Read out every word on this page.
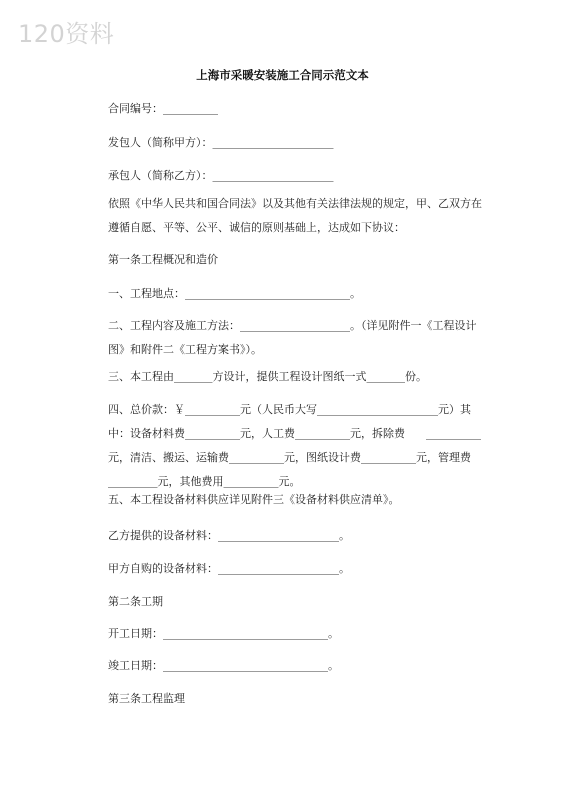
120资料
上海市采暖安装施工合同示范文本
合同编号：__________
发包人（简称甲方）：______________________
承包人（简称乙方）：______________________
依照《中华人民共和国合同法》以及其他有关法律法规的规定，甲、乙双方在遵循自愿、平等、公平、诚信的原则基础上，达成如下协议：
第一条工程概况和造价
一、工程地点：______________________________。
二、工程内容及施工方法：____________________。（详见附件一《工程设计图》和附件二《工程方案书》）。
三、本工程由_______方设计，提供工程设计图纸一式_______份。
四、总价款：￥__________元（人民币大写______________________元）其中：设备材料费__________元，人工费__________元，拆除费      __________元，清洁、搬运、运输费__________元，图纸设计费__________元，管理费_________元，其他费用__________元。
五、本工程设备材料供应详见附件三《设备材料供应清单》。
乙方提供的设备材料：______________________。
甲方自购的设备材料：______________________。
第二条工期
开工日期：______________________________。
竣工日期：______________________________。
第三条工程监理
